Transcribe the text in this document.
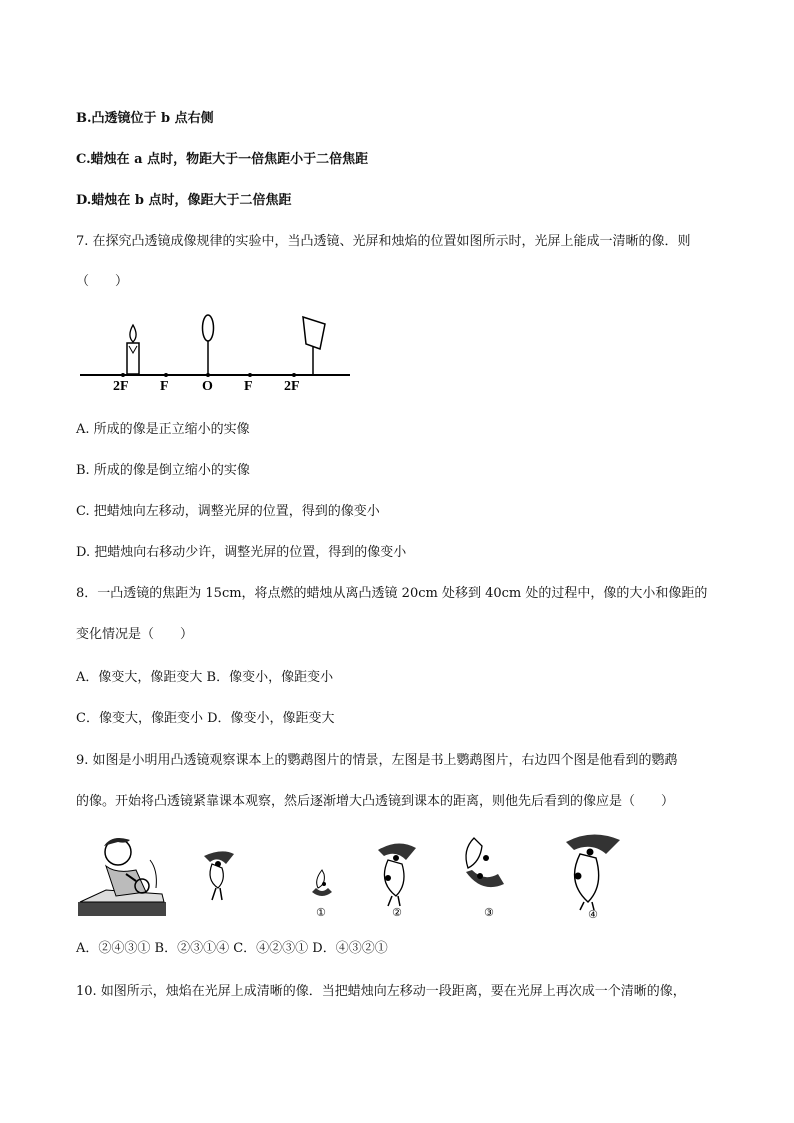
B.凸透镜位于 b 点右侧
C.蜡烛在 a 点时，物距大于一倍焦距小于二倍焦距
D.蜡烛在 b 点时，像距大于二倍焦距
7. 在探究凸透镜成像规律的实验中，当凸透镜、光屏和烛焰的位置如图所示时，光屏上能成一清晰的像．则
（　　）
2F F O F 2F
A. 所成的像是正立缩小的实像
B. 所成的像是倒立缩小的实像
C. 把蜡烛向左移动，调整光屏的位置，得到的像变小
D. 把蜡烛向右移动少许，调整光屏的位置，得到的像变小
8．一凸透镜的焦距为 15cm，将点燃的蜡烛从离凸透镜 20cm 处移到 40cm 处的过程中，像的大小和像距的
变化情况是（　　）
A．像变大，像距变大 B．像变小，像距变小
C．像变大，像距变小 D．像变小，像距变大
9. 如图是小明用凸透镜观察课本上的鹦鹉图片的情景，左图是书上鹦鹉图片，右边四个图是他看到的鹦鹉
的像。开始将凸透镜紧靠课本观察，然后逐渐增大凸透镜到课本的距离，则他先后看到的像应是（　　）
①	②	③	④
A．②④③① B．②③①④ C．④②③① D．④③②①
10. 如图所示，烛焰在光屏上成清晰的像．当把蜡烛向左移动一段距离，要在光屏上再次成一个清晰的像，
